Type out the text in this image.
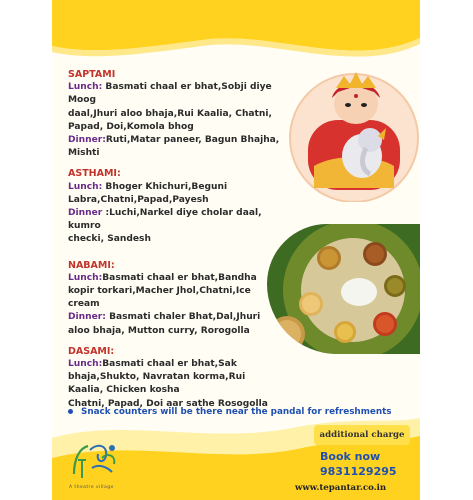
SAPTAMI
Lunch: Basmati chaal er bhat,Sobji diye Moog
daal,Jhuri aloo bhaja,Rui Kaalia, Chatni,
Papad, Doi,Komola bhog
Dinner:Ruti,Matar paneer, Bagun Bhajha,
Mishti
ASTHAMI:
Lunch: Bhoger Khichuri,Beguni
Labra,Chatni,Papad,Payesh
Dinner :Luchi,Narkel diye cholar daal, kumro
checki, Sandesh
NABAMI:
Lunch:Basmati chaal er bhat,Bandha
kopir torkari,Macher Jhol,Chatni,Ice
cream
Dinner: Basmati chaler Bhat,Dal,Jhuri
aloo bhaja, Mutton curry, Rorogolla
DASAMI:
Lunch:Basmati chaal er bhat,Sak
bhaja,Shukto, Navratan korma,Rui
Kaalia, Chicken kosha
Chatni, Papad, Doi aar sathe Rosogolla
Snack counters will be there near the pandal for refreshments
A theatre village
additional charge
Book now
9831129295
www.tepantar.co.in
